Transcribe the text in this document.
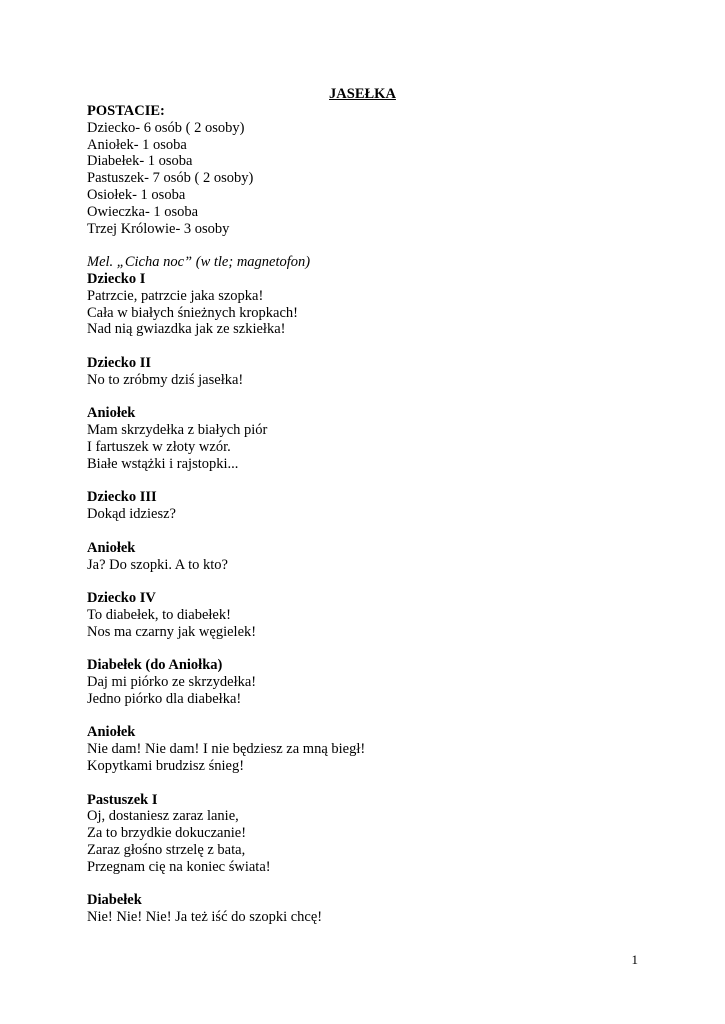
JASEŁKA
POSTACIE:
Dziecko- 6 osób ( 2 osoby)
Aniołek- 1 osoba
Diabełek- 1 osoba
Pastuszek- 7 osób ( 2 osoby)
Osiołek- 1 osoba
Owieczka- 1 osoba
Trzej Królowie- 3 osoby
Mel. „Cicha noc” (w tle; magnetofon)
Dziecko I
Patrzcie, patrzcie jaka szopka!
Cała w białych śnieżnych kropkach!
Nad nią gwiazdka jak ze szkiełka!
Dziecko II
No to zróbmy dziś jasełka!
Aniołek
Mam skrzydełka z białych piór
I fartuszek w złoty wzór.
Białe wstążki i rajstopki...
Dziecko III
Dokąd idziesz?
Aniołek
Ja? Do szopki. A to kto?
Dziecko IV
To diabełek, to diabełek!
Nos ma czarny jak węgielek!
Diabełek (do Aniołka)
Daj mi piórko ze skrzydełka!
Jedno piórko dla diabełka!
Aniołek
Nie dam! Nie dam! I nie będziesz za mną biegł!
Kopytkami brudzisz śnieg!
Pastuszek I
Oj, dostaniesz zaraz lanie,
Za to brzydkie dokuczanie!
Zaraz głośno strzelę z bata,
Przegnam cię na koniec świata!
Diabełek
Nie! Nie! Nie! Ja też iść do szopki chcę!
1
